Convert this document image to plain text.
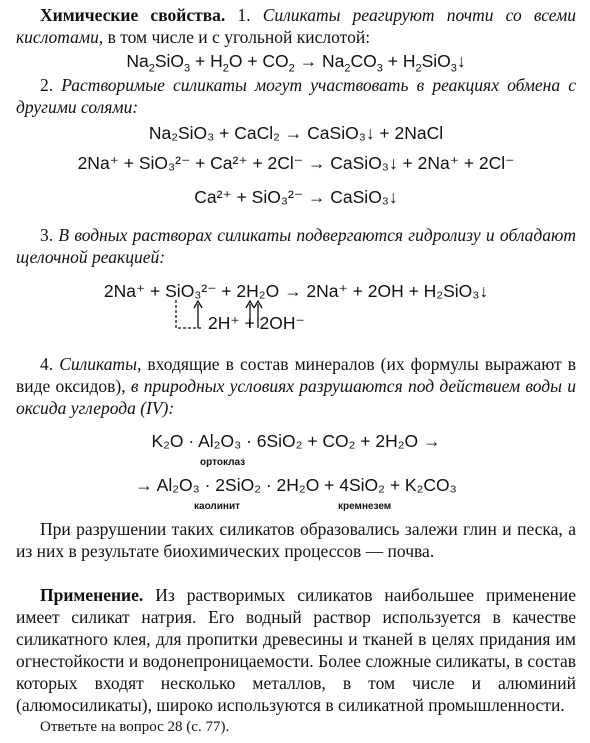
Химические свойства. 1. Силикаты реагируют почти со всеми кислотами, в том числе и с угольной кислотой:

$Na_2SiO_3 + H_2O + CO_2 \to Na_2CO_3$ + $H_2SiO_3↓$

2. Растворимые силикаты могут участвовать в реакциях обмена с другими солями:

Na₂SiO₃ + CaCl₂ → CaSiO₃↓ + 2NaCl
2Na⁺ + SiO₃²⁻ + Ca²⁺ + 2Cl⁻ → CaSiO₃↓ + 2Na⁺ + 2Cl⁻
Ca²⁺ + SiO₃²⁻ → CaSiO₃↓

3. В водных растворах силикаты подвергаются гидролизу и обладают щелочной реакцией:

2Na⁺ + SiO₃²⁻ + 2H₂O → 2Na⁺ + 2OH + H₂SiO₃↓
2H⁺ + 2OH⁻

4. Силикаты, входящие в состав минералов (их формулы выражают в виде оксидов), в природных условиях разрушаются под действием воды и оксида углерода (IV):

K₂O · Al₂O₃ · 6SiO₂ + CO₂ + 2H₂O →
ортоклаз
→ Al₂O₃ · 2SiO₂ · 2H₂O + 4SiO₂ + K₂CO₃
каолинит	кремнезем

При разрушении таких силикатов образовались залежи глин и песка, а из них в результате биохимических процессов — почва.

Применение. Из растворимых силикатов наибольшее применение имеет силикат натрия. Его водный раствор используется в качестве силикатного клея, для пропитки древесины и тканей в целях придания им огнестойкости и водонепроницаемости. Более сложные силикаты, в состав которых входят несколько металлов, в том числе и алюминий (алюмосиликаты), широко используются в силикатной промышленности.

Ответьте на вопрос 28 (с. 77).
